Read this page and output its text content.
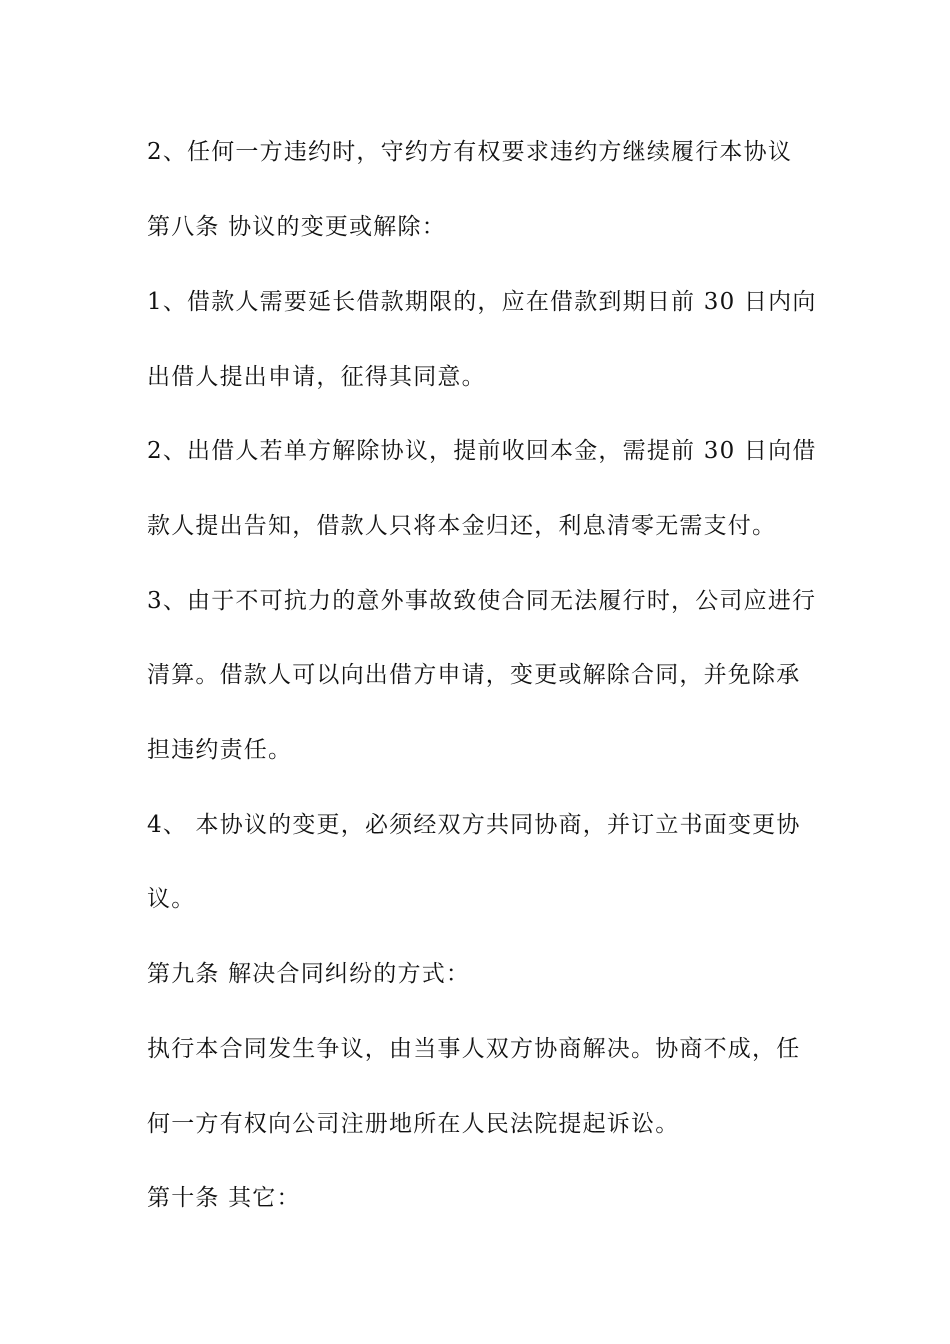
2、任何一方违约时，守约方有权要求违约方继续履行本协议

第八条 协议的变更或解除：

1、借款人需要延长借款期限的，应在借款到期日前 30 日内向

出借人提出申请，征得其同意。

2、出借人若单方解除协议，提前收回本金，需提前 30 日向借

款人提出告知，借款人只将本金归还，利息清零无需支付。

3、由于不可抗力的意外事故致使合同无法履行时，公司应进行

清算。借款人可以向出借方申请，变更或解除合同，并免除承

担违约责任。

4、 本协议的变更，必须经双方共同协商，并订立书面变更协

议。

第九条 解决合同纠纷的方式：

执行本合同发生争议，由当事人双方协商解决。协商不成，任

何一方有权向公司注册地所在人民法院提起诉讼。

第十条 其它：
